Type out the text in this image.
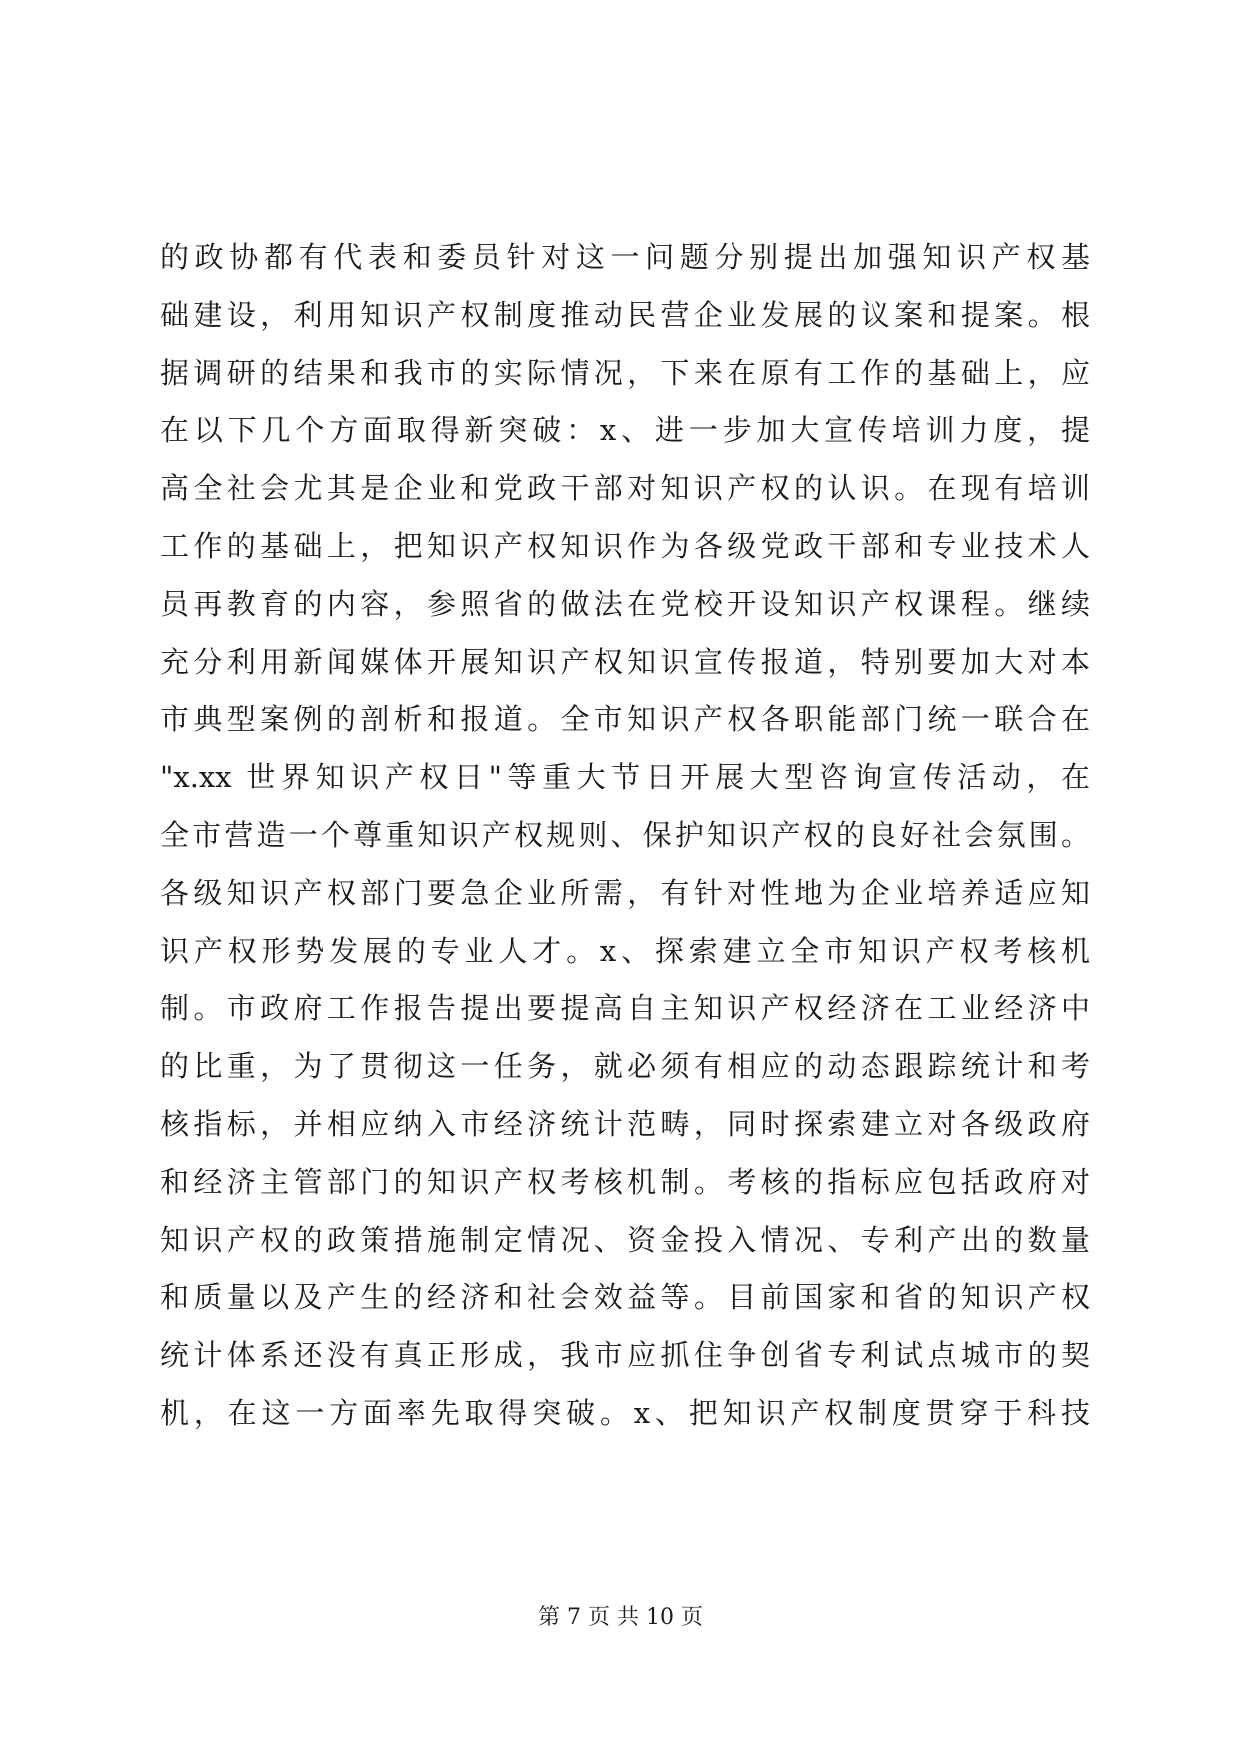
的政协都有代表和委员针对这一问题分别提出加强知识产权基
础建设，利用知识产权制度推动民营企业发展的议案和提案。根
据调研的结果和我市的实际情况，下来在原有工作的基础上，应
在以下几个方面取得新突破：x、进一步加大宣传培训力度，提
高全社会尤其是企业和党政干部对知识产权的认识。在现有培训
工作的基础上，把知识产权知识作为各级党政干部和专业技术人
员再教育的内容，参照省的做法在党校开设知识产权课程。继续
充分利用新闻媒体开展知识产权知识宣传报道，特别要加大对本
市典型案例的剖析和报道。全市知识产权各职能部门统一联合在
"x.xx 世界知识产权日"等重大节日开展大型咨询宣传活动，在
全市营造一个尊重知识产权规则、保护知识产权的良好社会氛围。
各级知识产权部门要急企业所需，有针对性地为企业培养适应知
识产权形势发展的专业人才。x、探索建立全市知识产权考核机
制。市政府工作报告提出要提高自主知识产权经济在工业经济中
的比重，为了贯彻这一任务，就必须有相应的动态跟踪统计和考
核指标，并相应纳入市经济统计范畴，同时探索建立对各级政府
和经济主管部门的知识产权考核机制。考核的指标应包括政府对
知识产权的政策措施制定情况、资金投入情况、专利产出的数量
和质量以及产生的经济和社会效益等。目前国家和省的知识产权
统计体系还没有真正形成，我市应抓住争创省专利试点城市的契
机，在这一方面率先取得突破。x、把知识产权制度贯穿于科技
第 7 页 共 10 页
